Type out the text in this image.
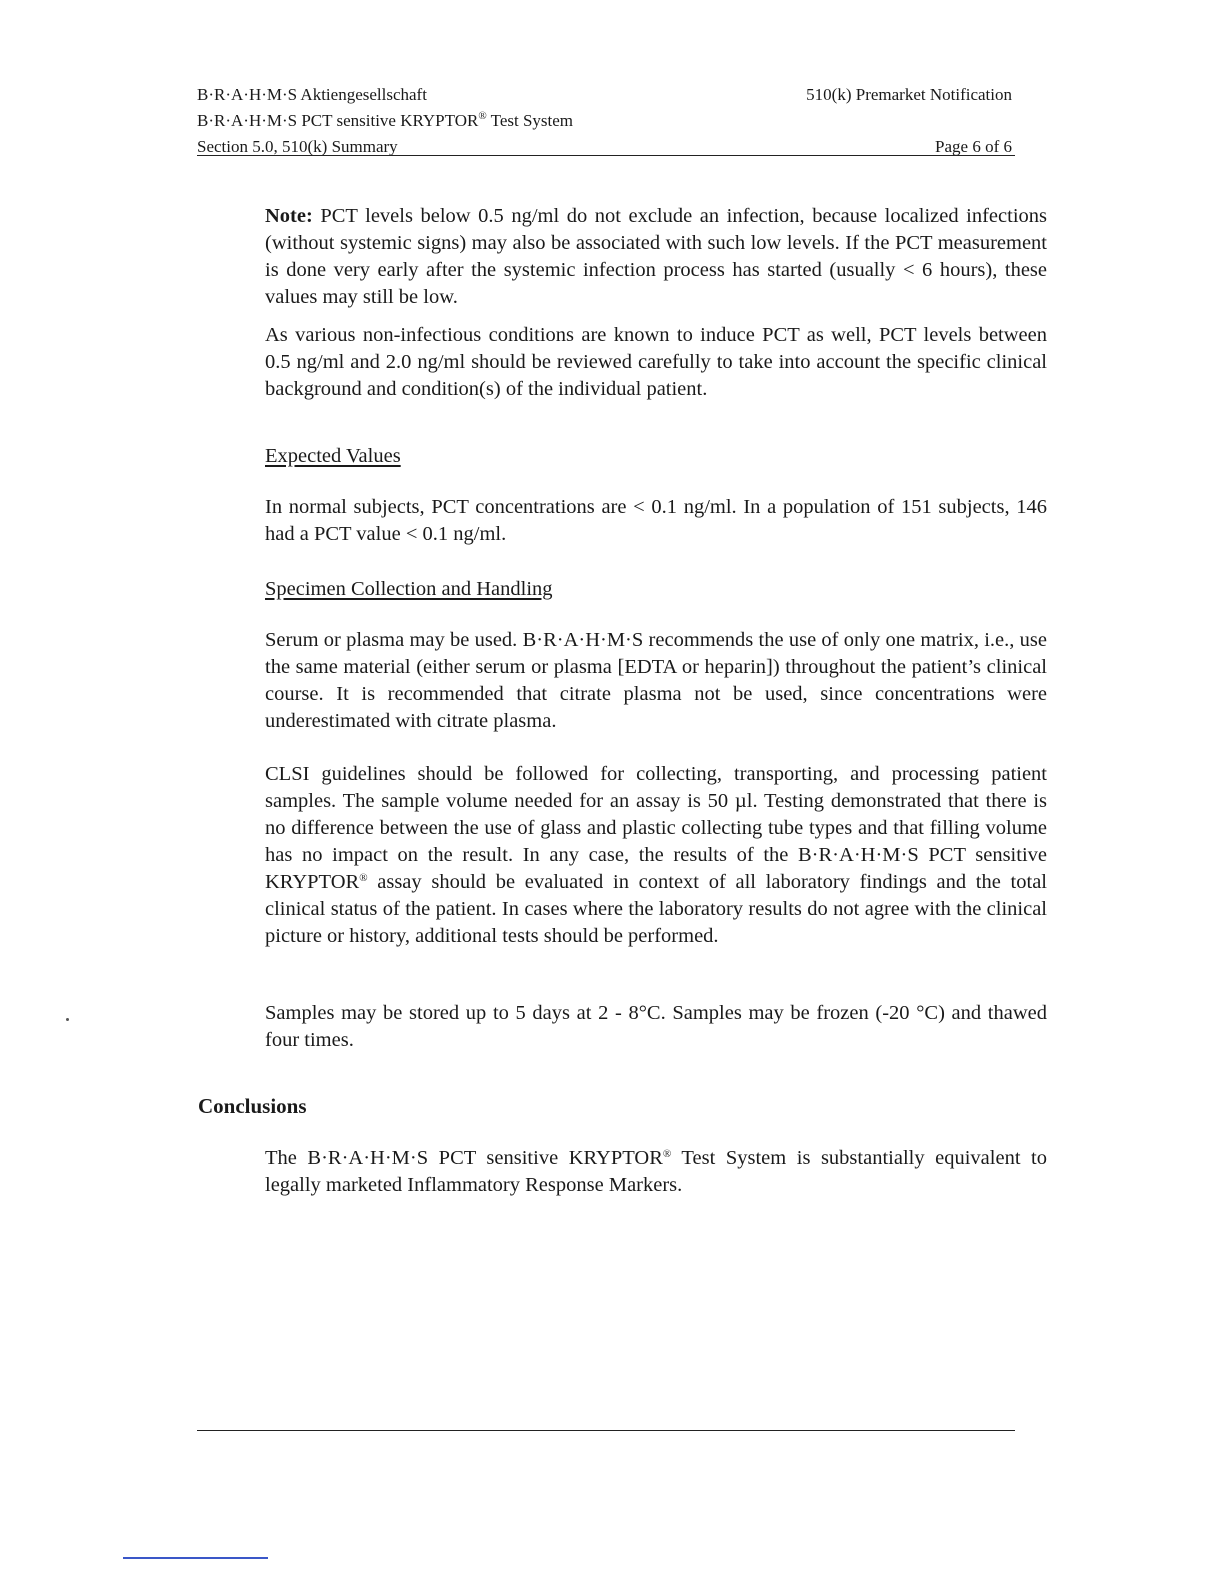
B·R·A·H·M·S Aktiengesellschaft	510(k) Premarket Notification
B·R·A·H·M·S PCT sensitive KRYPTOR® Test System
Section 5.0, 510(k) Summary	Page 6 of 6
Note: PCT levels below 0.5 ng/ml do not exclude an infection, because localized infections (without systemic signs) may also be associated with such low levels. If the PCT measurement is done very early after the systemic infection process has started (usually < 6 hours), these values may still be low.
As various non-infectious conditions are known to induce PCT as well, PCT levels between 0.5 ng/ml and 2.0 ng/ml should be reviewed carefully to take into account the specific clinical background and condition(s) of the individual patient.
Expected Values
In normal subjects, PCT concentrations are < 0.1 ng/ml. In a population of 151 subjects, 146 had a PCT value < 0.1 ng/ml.
Specimen Collection and Handling
Serum or plasma may be used. B·R·A·H·M·S recommends the use of only one matrix, i.e., use the same material (either serum or plasma [EDTA or heparin]) throughout the patient’s clinical course. It is recommended that citrate plasma not be used, since concentrations were underestimated with citrate plasma.
CLSI guidelines should be followed for collecting, transporting, and processing patient samples. The sample volume needed for an assay is 50 µl. Testing demonstrated that there is no difference between the use of glass and plastic collecting tube types and that filling volume has no impact on the result. In any case, the results of the B·R·A·H·M·S PCT sensitive KRYPTOR® assay should be evaluated in context of all laboratory findings and the total clinical status of the patient. In cases where the laboratory results do not agree with the clinical picture or history, additional tests should be performed.
Samples may be stored up to 5 days at 2 - 8°C. Samples may be frozen (-20 °C) and thawed four times.
Conclusions
The B·R·A·H·M·S PCT sensitive KRYPTOR® Test System is substantially equivalent to legally marketed Inflammatory Response Markers.
